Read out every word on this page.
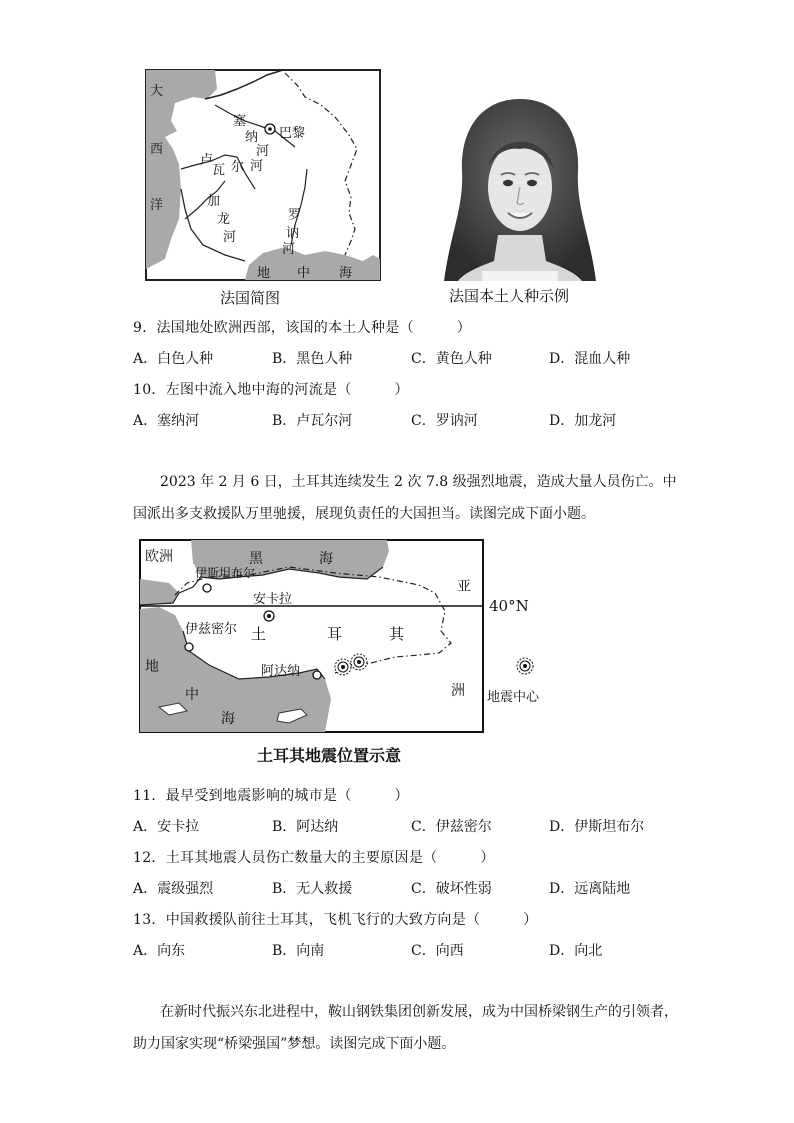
大
西
洋
塞
纳
河
巴黎
卢
瓦 尔 河
加
龙
河
罗
讷
河
地 中 海
法国简图	法国本土人种示例
9．法国地处欧洲西部，该国的本土人种是（　　　）
A．白色人种	B．黑色人种	C．黄色人种	D．混血人种
10．左图中流入地中海的河流是（　　　）
A．塞纳河	B．卢瓦尔河	C．罗讷河	D．加龙河
2023 年 2 月 6 日，土耳其连续发生 2 次 7.8 级强烈地震，造成大量人员伤亡。中
国派出多支救援队万里驰援，展现负责任的大国担当。读图完成下面小题。
欧洲	黑	海
伊斯坦布尔
安卡拉
亚
40°N
伊兹密尔 土	耳	其
阿达纳
洲
地
中
海
地震中心
土耳其地震位置示意
11．最早受到地震影响的城市是（　　　）
A．安卡拉	B．阿达纳	C．伊兹密尔	D．伊斯坦布尔
12．土耳其地震人员伤亡数量大的主要原因是（　　　）
A．震级强烈	B．无人救援	C．破坏性弱	D．远离陆地
13．中国救援队前往土耳其，飞机飞行的大致方向是（　　　）
A．向东	B．向南	C．向西	D．向北
在新时代振兴东北进程中，鞍山钢铁集团创新发展，成为中国桥梁钢生产的引领者，
助力国家实现“桥梁强国”梦想。读图完成下面小题。
